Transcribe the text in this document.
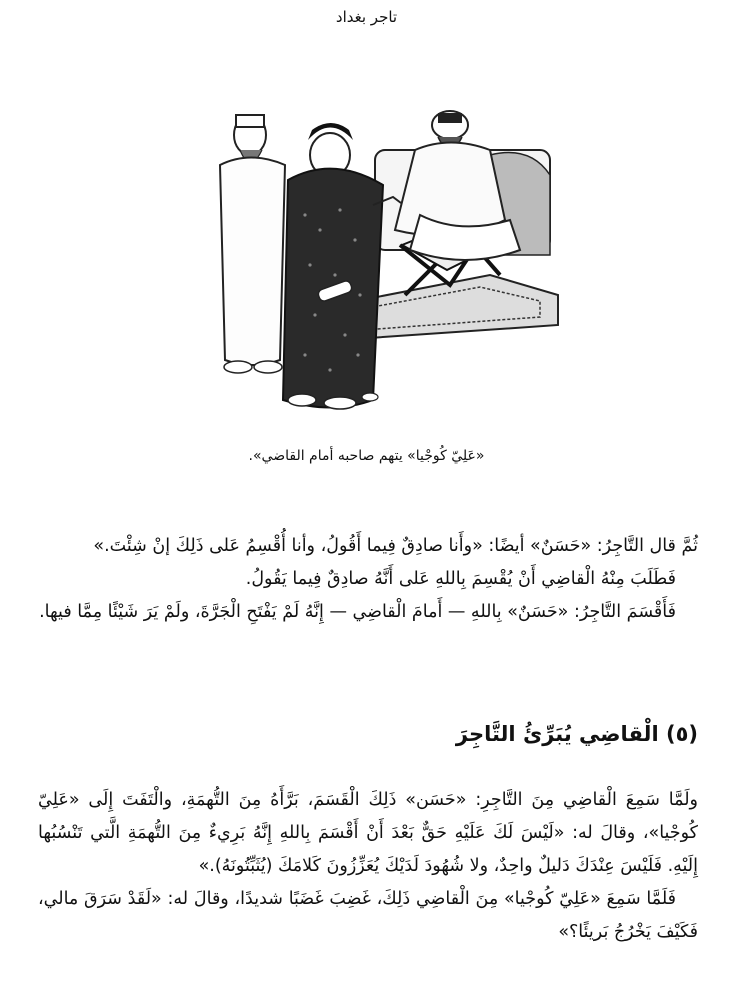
تاجر بغداد
«عَلِيّ كُوجْيا» يتهم صاحبه أمام القاضي».

ثُمَّ قال التَّاجِرُ: «حَسَنٌ» أيضًا: «وأَنا صادِقٌ فِيما أَقُولُ، وأنا أُقْسِمُ عَلى ذَلِكَ إنْ شِئْتَ.»

فَطَلَبَ مِنْهُ الْقاضِي أَنْ يُقْسِمَ بِاللهِ عَلى أَنَّهُ صادِقٌ فِيما يَقُولُ.

فَأَقْسَمَ التَّاجِرُ: «حَسَنٌ» بِاللهِ — أَمامَ الْقاضِي — إِنَّهُ لَمْ يَفْتَحِ الْجَرَّةَ، ولَمْ يَرَ شَيْئًا مِمَّا فيها.

(٥) الْقاضِي يُبَرِّئُ التَّاجِرَ

ولَمَّا سَمِعَ الْقاضِي مِنَ التَّاجِرِ: «حَسَن» ذَلِكَ الْقَسَمَ، بَرَّأَهُ مِنَ التُّهمَةِ، والْتَفَتَ إِلَى «عَلِيّ كُوجْيا»، وقالَ له: «لَيْسَ لَكَ عَلَيْهِ حَقٌّ بَعْدَ أَنْ أَقْسَمَ بِاللهِ إِنَّهُ بَرِيءٌ مِنَ التُّهمَةِ الَّتي تَنْسُبُها إِلَيْهِ. فَلَيْسَ عِنْدَكَ دَليلٌ واحِدٌ، ولا شُهُودَ لَدَيْكَ يُعَزِّزُونَ كَلامَكَ (يُثَبِّتُونَهُ).»

فَلَمَّا سَمِعَ «عَلِيّ كُوجْيا» مِنَ الْقاضِي ذَلِكَ، غَضِبَ غَضَبًا شديدًا، وقالَ له: «لَقَدْ سَرَقَ مالي، فَكَيْفَ يَخْرُجُ بَريئًا؟»
